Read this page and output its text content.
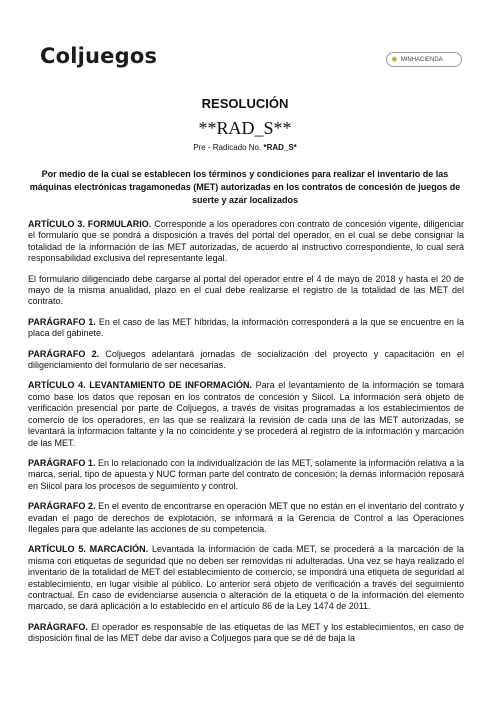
Coljuegos	✹ MINHACIENDA
RESOLUCIÓN
**RAD_S**
Pre - Radicado No. *RAD_S*
Por medio de la cual se establecen los términos y condiciones para realizar el inventario de las máquinas electrónicas tragamonedas (MET) autorizadas en los contratos de concesión de juegos de suerte y azar localizados

ARTÍCULO 3. FORMULARIO. Corresponde a los operadores con contrato de concesión vigente, diligenciar el formulario que se pondrá a disposición a través del portal del operador, en el cual se debe consignar la totalidad de la información de las MET autorizadas, de acuerdo al instructivo correspondiente, lo cual será responsabilidad exclusiva del representante legal.

El formulario diligenciado debe cargarse al portal del operador entre el 4 de mayo de 2018 y hasta el 20 de mayo de la misma anualidad, plazo en el cual debe realizarse el registro de la totalidad de las MET del contrato.

PARÁGRAFO 1. En el caso de las MET híbridas, la información corresponderá a la que se encuentre en la placa del gabinete.

PARÁGRAFO 2. Coljuegos adelantará jornadas de socialización del proyecto y capacitación en el diligenciamiento del formulario de ser necesarias.

ARTÍCULO 4. LEVANTAMIENTO DE INFORMACIÓN. Para el levantamiento de la información se tomará como base los datos que reposan en los contratos de concesión y Siicol. La información será objeto de verificación presencial por parte de Coljuegos, a través de visitas programadas a los establecimientos de comercio de los operadores, en las que se realizará la revisión de cada una de las MET autorizadas, se levantará la información faltante y la no coincidente y se procederá al registro de la información y marcación de las MET.

PARÁGRAFO 1. En lo relacionado con la individualización de las MET, solamente la información relativa a la marca, serial, tipo de apuesta y NUC forman parte del contrato de concesión; la demás información reposará en Siicol para los procesos de seguimiento y control.

PARÁGRAFO 2. En el evento de encontrarse en operación MET que no están en el inventario del contrato y evadan el pago de derechos de explotación, se informará a la Gerencia de Control a las Operaciones Ilegales para que adelante las acciones de su competencia.

ARTÍCULO 5. MARCACIÓN. Levantada la información de cada MET, se procederá a la marcación de la misma con etiquetas de seguridad que no deben ser removidas ni adulteradas. Una vez se haya realizado el inventario de la totalidad de MET del establecimiento de comercio, se impondrá una etiqueta de seguridad al establecimiento, en lugar visible al público. Lo anterior será objeto de verificación a través del seguimiento contractual. En caso de evidenciarse ausencia o alteración de la etiqueta o de la información del elemento marcado, se dará aplicación a lo establecido en el artículo 86 de la Ley 1474 de 2011.

PARÁGRAFO. El operador es responsable de las etiquetas de las MET y los establecimientos, en caso de disposición final de las MET debe dar aviso a Coljuegos para que se dé de baja la
